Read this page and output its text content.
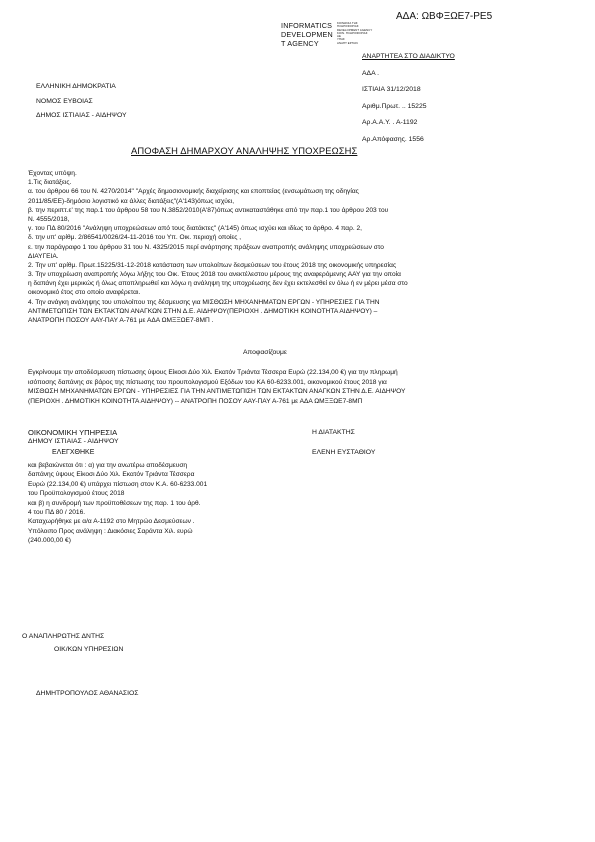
ΑΔΑ: ΩΒΦΞΩΕ7-ΡΕ5
INFORMATICS
DEVELOPMEN
T AGENCY
ΚΟΙΝΩΝΙΑ ΤΗΣ
ΠΛΗΡΟΦΟΡΙΑΣ
DEVELOPMENT AGENCY
ΚΟΙΝ. ΠΛΗΡΟΦΟΡΙΑΣ
ΑΕ
ΥΠΑΣ
ΑΝΑΠΤ ΕΡΓΩΝ
ΑΝΑΡΤΗΤΕΑ ΣΤΟ ΔΙΑΔΙΚΤΥΟ
ΑΔΑ .
ΙΣΤΙΑΙΑ 31/12/2018
Αριθμ.Πρωτ. .. 15225
Αρ.Α.Α.Υ. . Α-1192
Αρ.Απόφασης. 1556
ΕΛΛΗΝΙΚΗ ΔΗΜΟΚΡΑΤΙΑ
ΝΟΜΟΣ ΕΥΒΟΙΑΣ
ΔΗΜΟΣ ΙΣΤΙΑΙΑΣ - ΑΙΔΗΨΟΥ
ΑΠΟΦΑΣΗ ΔΗΜΑΡΧΟΥ ΑΝΑΛΗΨΗΣ ΥΠΟΧΡΕΩΣΗΣ
Έχοντας υπόψη.
1.Τις διατάξεις.
α. του άρθρου 66 του Ν. 4270/2014" "Αρχές δημοσιονομικής διαχείρισης και εποπτείας (ενσωμάτωση της οδηγίας
2011/85/ΕΕ)-δημόσιο λογιστικό κα άλλες διατάξεις"(Α'143)όπως ισχύει,
β. την περιπτ.ε' της παρ.1 του άρθρου 58 του Ν.3852/2010(Α'87)όπως αντικαταστάθηκε από την παρ.1 του άρθρου 203 του
Ν. 4555/2018,
γ. του ΠΔ 80/2016 "Ανάληψη υποχρεώσεων από τους διατάκτες" (Α'145) όπως ισχύει και ιδίως το άρθρο. 4 παρ. 2,
δ. την υπ' αρίθμ. 2/86541/0026/24-11-2016 του Υπ. Οικ. περιοχή οποίες ,
ε. την παράγραφο 1 του άρθρου 31 του Ν. 4325/2015 περί ανάρτησης πράξεων αναπροπής ανάληψης υποχρεώσεων στο
ΔΙΑΥΓΕΙΑ.
2. Την υπ' αρίθμ. Πρωτ.15225/31-12-2018 κατάσταση των υπολοίπων δεσμεύσεων του έτους 2018 της οικονομικής υπηρεσίας
3. Την υποχρέωση αναπροπής λόγω λήξης του Οικ. Έτους 2018 του ανεκτέλεστου μέρους της αναφερόμενης ΑΑΥ για την οποία
η δαπάνη έχει μερικώς ή όλως αποπληρωθεί και λόγω η ανάληψη της υποχρέωσης δεν έχει εκτελεσθεί εν όλω ή εν μέρει μέσα στο
οικονομικό έτος στο οποίο αναφέρεται.
4. Την ανάγκη ανάληψης του υπολοίπου της δέσμευσης για ΜΙΣΘΩΣΗ ΜΗΧΑΝΗΜΑΤΩΝ ΕΡΓΩΝ - ΥΠΗΡΕΣΙΕΣ ΓΙΑ ΤΗΝ
ΑΝΤΙΜΕΤΩΠΙΣΗ ΤΩΝ ΕΚΤΑΚΤΩΝ ΑΝΑΓΚΩΝ ΣΤΗΝ Δ.Ε. ΑΙΔΗΨΟΥ(ΠΕΡΙΟΧΗ . ΔΗΜΟΤΙΚΗ ΚΟΙΝΟΤΗΤΑ ΑΙΔΗΨΟΥ) –
ΑΝΑΤΡΟΠΗ ΠΟΣΟΥ ΑΑΥ-ΠΑΥ Α-761 με ΑΔΑ ΩΜΞΞΩΕ7-8ΜΠ .
Αποφασίζουμε
Εγκρίνουμε την αποδέσμευση πίστωσης ύψους Είκοσι Δύο Χιλ. Εκατόν Τριάντα Τέσσερα Ευρώ (22.134,00 €) για την πληρωμή
ισόποσης δαπάνης σε βάρος της πίστωσης του προυπολογισμού Εξόδων του ΚΑ 60-6233.001, οικονομικού έτους 2018 για
ΜΙΣΘΩΣΗ ΜΗΧΑΝΗΜΑΤΩΝ ΕΡΓΩΝ - ΥΠΗΡΕΣΙΕΣ ΓΙΑ ΤΗΝ ΑΝΤΙΜΕΤΩΠΙΣΗ ΤΩΝ ΕΚΤΑΚΤΩΝ ΑΝΑΓΚΩΝ ΣΤΗΝ Δ.Ε. ΑΙΔΗΨΟΥ
(ΠΕΡΙΟΧΗ . ΔΗΜΟΤΙΚΗ ΚΟΙΝΟΤΗΤΑ ΑΙΔΗΨΟΥ) -- ΑΝΑΤΡΟΠΗ ΠΟΣΟΥ ΑΑΥ-ΠΑΥ Α-761 με ΑΔΑ ΩΜΞΞΩΕ7-8ΜΠ
ΟΙΚΟΝΟΜΙΚΗ ΥΠΗΡΕΣΙΑ
ΔΗΜΟΥ ΙΣΤΙΑΙΑΣ - ΑΙΔΗΨΟΥ
ΕΛΕΓΧΘΗΚΕ
και βεβαιώνεται ότι : α) για την ανωτέρω αποδέσμευση
δαπάνης ύψους Είκοσι Δύο Χιλ. Εκατόν Τριάντα Τέσσερα
Ευρώ (22.134,00 €) υπάρχει πίστωση στον Κ.Α. 60-6233.001
του Προϋπολογισμού έτους 2018
και β) η συνδρομή των προϋποθέσεων της παρ. 1 του άρθ.
4 του ΠΔ 80 / 2016.
Καταχωρήθηκε με α/α Α-1192 στο Μητρώο Δεσμεύσεων .
Υπόλοιπο Προς ανάληψη : Διακόσιες Σαράντα Χιλ. ευρώ
(240.000,00 €)
Η ΔΙΑΤΑΚΤΗΣ
ΕΛΕΝΗ ΕΥΣΤΑΘΙΟΥ
Ο ΑΝΑΠΛΗΡΩΤΗΣ ΔΝΤΗΣ
ΟΙΚ/ΚΩΝ ΥΠΗΡΕΣΙΩΝ
ΔΗΜΗΤΡΟΠΟΥΛΟΣ ΑΘΑΝΑΣΙΟΣ
